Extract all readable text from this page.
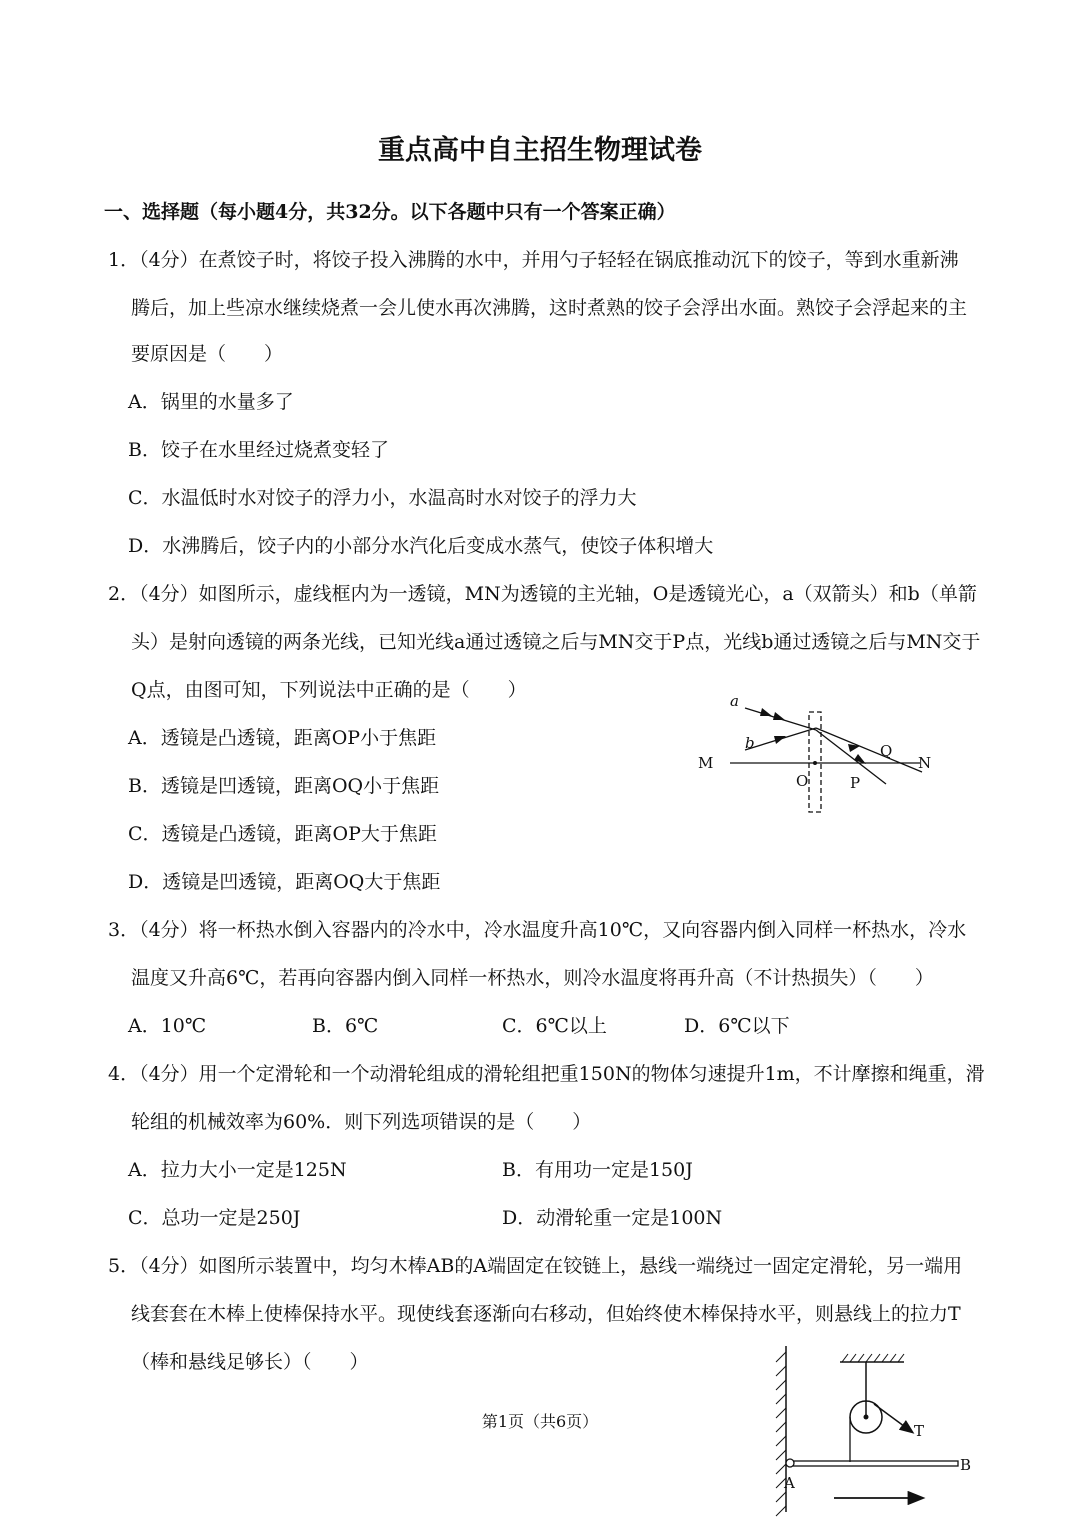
重点高中自主招生物理试卷
一、选择题（每小题4分，共32分。以下各题中只有一个答案正确）
1．（4分）在煮饺子时，将饺子投入沸腾的水中，并用勺子轻轻在锅底推动沉下的饺子，等到水重新沸
腾后，加上些凉水继续烧煮一会儿使水再次沸腾，这时煮熟的饺子会浮出水面。熟饺子会浮起来的主
要原因是（　　）
A．锅里的水量多了
B．饺子在水里经过烧煮变轻了
C．水温低时水对饺子的浮力小，水温高时水对饺子的浮力大
D．水沸腾后，饺子内的小部分水汽化后变成水蒸气，使饺子体积增大
2．（4分）如图所示，虚线框内为一透镜，MN为透镜的主光轴，O是透镜光心，a（双箭头）和b（单箭
头）是射向透镜的两条光线，已知光线a通过透镜之后与MN交于P点，光线b通过透镜之后与MN交于
Q点，由图可知，下列说法中正确的是（　　）
A．透镜是凸透镜，距离OP小于焦距
B．透镜是凹透镜，距离OQ小于焦距
C．透镜是凸透镜，距离OP大于焦距
D．透镜是凹透镜，距离OQ大于焦距
a
b
M
O	P
Q
N
3．（4分）将一杯热水倒入容器内的冷水中，冷水温度升高10℃，又向容器内倒入同样一杯热水，冷水
温度又升高6℃，若再向容器内倒入同样一杯热水，则冷水温度将再升高（不计热损失）（　　）
A．10℃	B．6℃	C．6℃以上	D．6℃以下
4．（4分）用一个定滑轮和一个动滑轮组成的滑轮组把重150N的物体匀速提升1m，不计摩擦和绳重，滑
轮组的机械效率为60%．则下列选项错误的是（　　）
A．拉力大小一定是125N	B．有用功一定是150J
C．总功一定是250J	D．动滑轮重一定是100N
5．（4分）如图所示装置中，均匀木棒AB的A端固定在铰链上，悬线一端绕过一固定定滑轮，另一端用
线套套在木棒上使棒保持水平。现使线套逐渐向右移动，但始终使木棒保持水平，则悬线上的拉力T
（棒和悬线足够长）（　　）
T
A
B
第1页（共6页）
